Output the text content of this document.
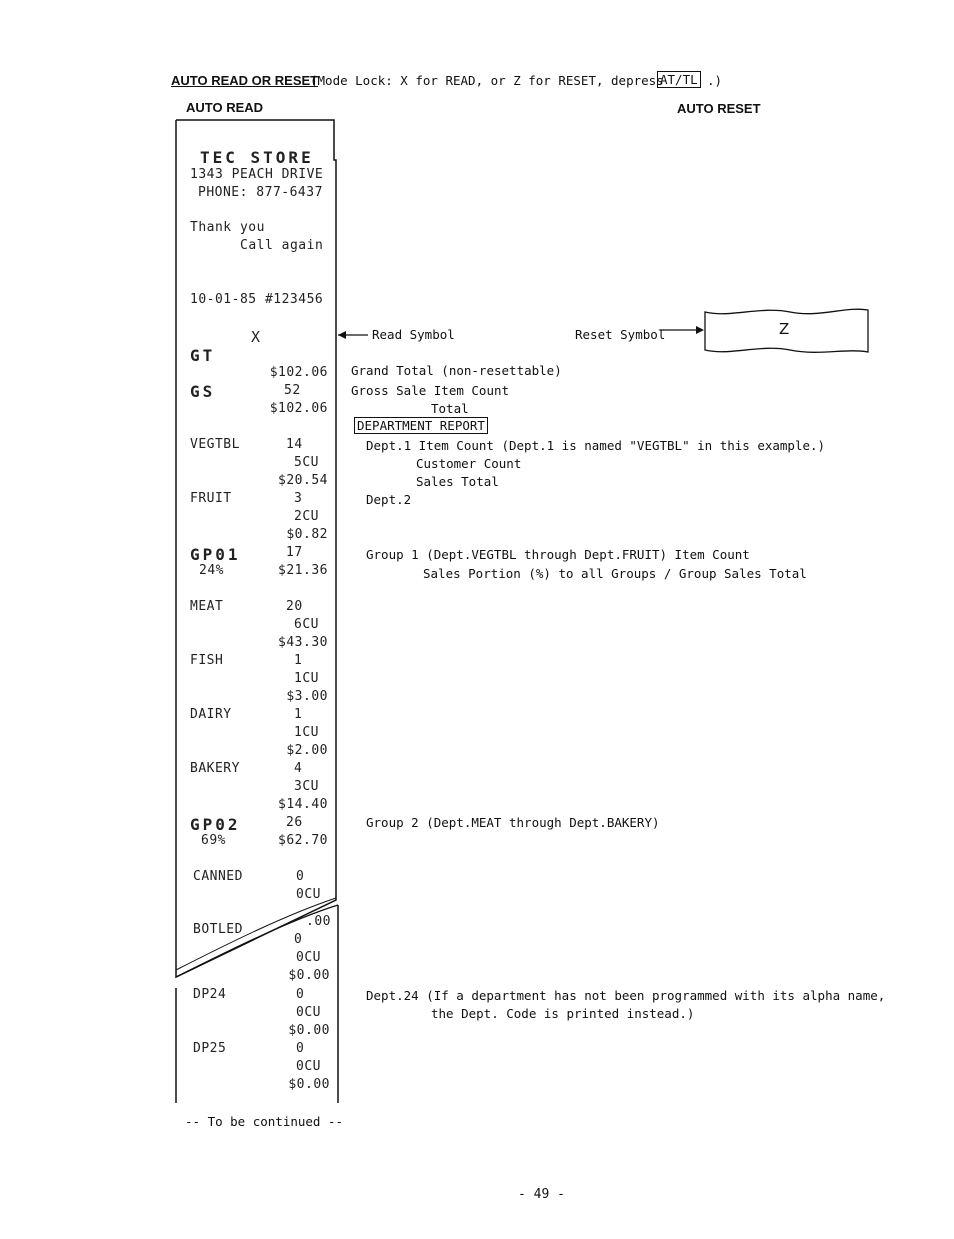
AUTO READ OR RESET
(Mode Lock: X for READ, or Z for RESET, depress
AT/TL .)
AUTO READ	AUTO RESET
TEC STORE
1343 PEACH DRIVE
PHONE: 877-6437
Thank you
Call again
10-01-85 #123456
X
GT
$102.06
GS	52
$102.06
VEGTBL	14
5CU
$20.54
FRUIT	3
2CU
$0.82
GP01	17
24%	$21.36
MEAT	20
6CU
$43.30
FISH	1
1CU
$3.00
DAIRY	1
1CU
$2.00
BAKERY	4
3CU
$14.40
GP02	26
69%	$62.70
CANNED	0
0CU
.00
BOTLED
0
0CU
$0.00
DP24	0
0CU
$0.00
DP25	0
0CU
$0.00
-- To be continued --
Read Symbol	Reset Symbol	Z
Grand Total (non-resettable)
Gross Sale Item Count
Total
DEPARTMENT REPORT
Dept.1 Item Count (Dept.1 is named "VEGTBL" in this example.)
Customer Count
Sales Total
Dept.2
Group 1 (Dept.VEGTBL through Dept.FRUIT) Item Count
Sales Portion (%) to all Groups / Group Sales Total
Group 2 (Dept.MEAT through Dept.BAKERY)
Dept.24 (If a department has not been programmed with its alpha name,
the Dept. Code is printed instead.)
- 49 -
